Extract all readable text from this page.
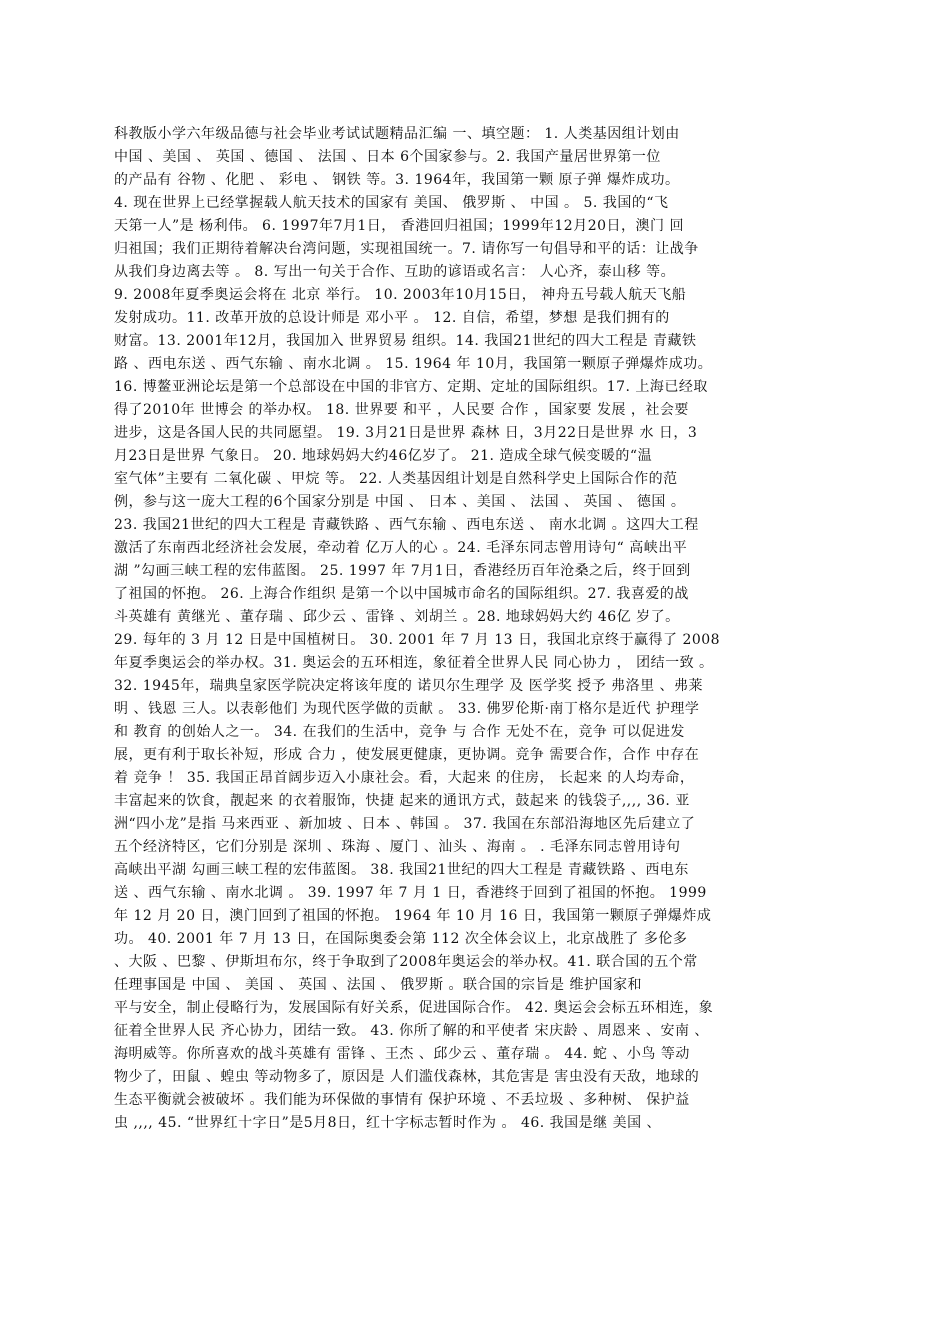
科教版小学六年级品德与社会毕业考试试题精品汇编 一、填空题： 1. 人类基因组计划由
中国 、美国 、 英国 、德国 、 法国 、日本 6个国家参与。2. 我国产量居世界第一位
的产品有 谷物 、化肥 、 彩电 、 钢铁 等。3. 1964年，我国第一颗 原子弹 爆炸成功。
4. 现在世界上已经掌握载人航天技术的国家有 美国、 俄罗斯 、 中国 。 5. 我国的“飞
天第一人”是 杨利伟。 6. 1997年7月1日， 香港回归祖国；1999年12月20日，澳门 回
归祖国；我们正期待着解决台湾问题，实现祖国统一。7. 请你写一句倡导和平的话：让战争
从我们身边离去等 。 8. 写出一句关于合作、互助的谚语或名言： 人心齐，泰山移 等。
9. 2008年夏季奥运会将在 北京 举行。 10. 2003年10月15日， 神舟五号载人航天飞船
发射成功。11. 改革开放的总设计师是 邓小平 。 12. 自信，希望，梦想 是我们拥有的
财富。13. 2001年12月，我国加入 世界贸易 组织。14. 我国21世纪的四大工程是 青藏铁
路 、西电东送 、西气东输 、南水北调 。 15. 1964 年 10月，我国第一颗原子弹爆炸成功。
16. 博鳌亚洲论坛是第一个总部设在中国的非官方、定期、定址的国际组织。17. 上海已经取
得了2010年 世博会 的举办权。 18. 世界要 和平 ，人民要 合作 ，国家要 发展 ，社会要
进步，这是各国人民的共同愿望。 19. 3月21日是世界 森林 日，3月22日是世界 水 日，3
月23日是世界 气象日。 20. 地球妈妈大约46亿岁了。 21. 造成全球气候变暖的“温
室气体”主要有 二氧化碳 、甲烷 等。 22. 人类基因组计划是自然科学史上国际合作的范
例，参与这一庞大工程的6个国家分别是 中国 、 日本 、美国 、 法国 、 英国 、 德国 。
23. 我国21世纪的四大工程是 青藏铁路 、西气东输 、西电东送 、 南水北调 。这四大工程
激活了东南西北经济社会发展，牵动着 亿万人的心 。24. 毛泽东同志曾用诗句“ 高峡出平
湖 ”勾画三峡工程的宏伟蓝图。 25. 1997 年 7月1日，香港经历百年沧桑之后，终于回到
了祖国的怀抱。 26. 上海合作组织 是第一个以中国城市命名的国际组织。27. 我喜爱的战
斗英雄有 黄继光 、董存瑞 、邱少云 、雷锋 、刘胡兰 。28. 地球妈妈大约 46亿 岁了。
29. 每年的 3 月 12 日是中国植树日。 30. 2001 年 7 月 13 日，我国北京终于赢得了 2008
年夏季奥运会的举办权。31. 奥运会的五环相连，象征着全世界人民 同心协力 ， 团结一致 。
32. 1945年，瑞典皇家医学院决定将该年度的 诺贝尔生理学 及 医学奖 授予 弗洛里 、弗莱
明 、钱恩 三人。以表彰他们 为现代医学做的贡献 。 33. 佛罗伦斯·南丁格尔是近代 护理学
和 教育 的创始人之一。 34. 在我们的生活中，竞争 与 合作 无处不在，竞争 可以促进发
展，更有利于取长补短，形成 合力 ，使发展更健康，更协调。竞争 需要合作，合作 中存在
着 竞争 ！ 35. 我国正昂首阔步迈入小康社会。看，大起来 的住房， 长起来 的人均寿命，
丰富起来的饮食，靓起来 的衣着服饰，快捷 起来的通讯方式，鼓起来 的钱袋子,,,, 36. 亚
洲“四小龙”是指 马来西亚 、新加坡 、日本 、韩国 。 37. 我国在东部沿海地区先后建立了
五个经济特区，它们分别是 深圳 、珠海 、厦门 、汕头 、海南 。 . 毛泽东同志曾用诗句
高峡出平湖 勾画三峡工程的宏伟蓝图。 38. 我国21世纪的四大工程是 青藏铁路 、西电东
送 、西气东输 、南水北调 。 39. 1997 年 7 月 1 日，香港终于回到了祖国的怀抱。 1999
年 12 月 20 日，澳门回到了祖国的怀抱。 1964 年 10 月 16 日，我国第一颗原子弹爆炸成
功。 40. 2001 年 7 月 13 日，在国际奥委会第 112 次全体会议上，北京战胜了 多伦多
、大阪 、巴黎 、伊斯坦布尔，终于争取到了2008年奥运会的举办权。41. 联合国的五个常
任理事国是 中国 、 美国 、 英国 、法国 、 俄罗斯 。联合国的宗旨是 维护国家和
平与安全，制止侵略行为，发展国际有好关系，促进国际合作。 42. 奥运会会标五环相连，象
征着全世界人民 齐心协力，团结一致。 43. 你所了解的和平使者 宋庆龄 、周恩来 、安南 、
海明威等。你所喜欢的战斗英雄有 雷锋 、王杰 、邱少云 、董存瑞 。 44. 蛇 、小鸟 等动
物少了，田鼠 、蝗虫 等动物多了，原因是 人们滥伐森林，其危害是 害虫没有天敌，地球的
生态平衡就会被破坏 。我们能为环保做的事情有 保护环境 、不丢垃圾 、多种树、 保护益
虫 ,,,, 45. “世界红十字日”是5月8日，红十字标志暂时作为 。 46. 我国是继 美国 、
